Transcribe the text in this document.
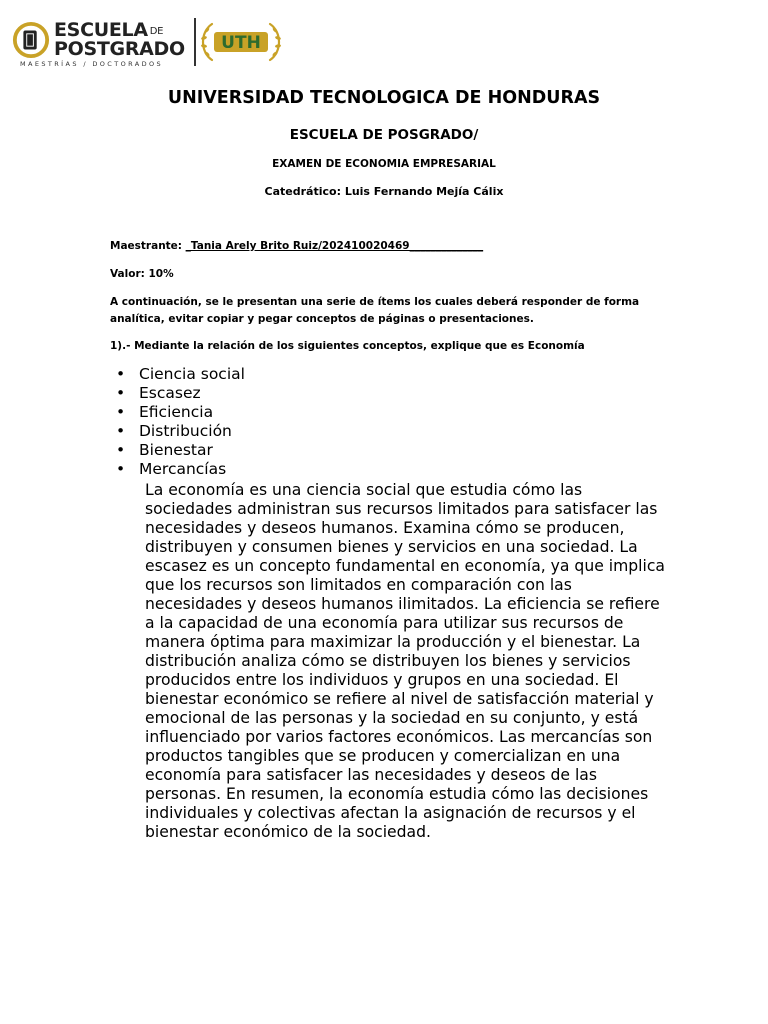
ESCUELA DE
POSTGRADO
MAESTRÍAS / DOCTORADOS
UTH
UNIVERSIDAD TECNOLOGICA DE HONDURAS
ESCUELA DE POSGRADO/
EXAMEN DE ECONOMIA EMPRESARIAL
Catedrático: Luis Fernando Mejía Cálix
Maestrante: _Tania Arely Brito Ruiz/202410020469______________
Valor: 10%
A continuación, se le presentan una serie de ítems los cuales deberá responder de forma analítica, evitar copiar y pegar conceptos de páginas o presentaciones.
1).- Mediante la relación de los siguientes conceptos, explique que es Economía
• Ciencia social
• Escasez
• Eficiencia
• Distribución
• Bienestar
• Mercancías
La economía es una ciencia social que estudia cómo las sociedades administran sus recursos limitados para satisfacer las necesidades y deseos humanos. Examina cómo se producen, distribuyen y consumen bienes y servicios en una sociedad. La escasez es un concepto fundamental en economía, ya que implica que los recursos son limitados en comparación con las necesidades y deseos humanos ilimitados. La eficiencia se refiere a la capacidad de una economía para utilizar sus recursos de manera óptima para maximizar la producción y el bienestar. La distribución analiza cómo se distribuyen los bienes y servicios producidos entre los individuos y grupos en una sociedad. El bienestar económico se refiere al nivel de satisfacción material y emocional de las personas y la sociedad en su conjunto, y está influenciado por varios factores económicos. Las mercancías son productos tangibles que se producen y comercializan en una economía para satisfacer las necesidades y deseos de las personas. En resumen, la economía estudia cómo las decisiones individuales y colectivas afectan la asignación de recursos y el bienestar económico de la sociedad.
